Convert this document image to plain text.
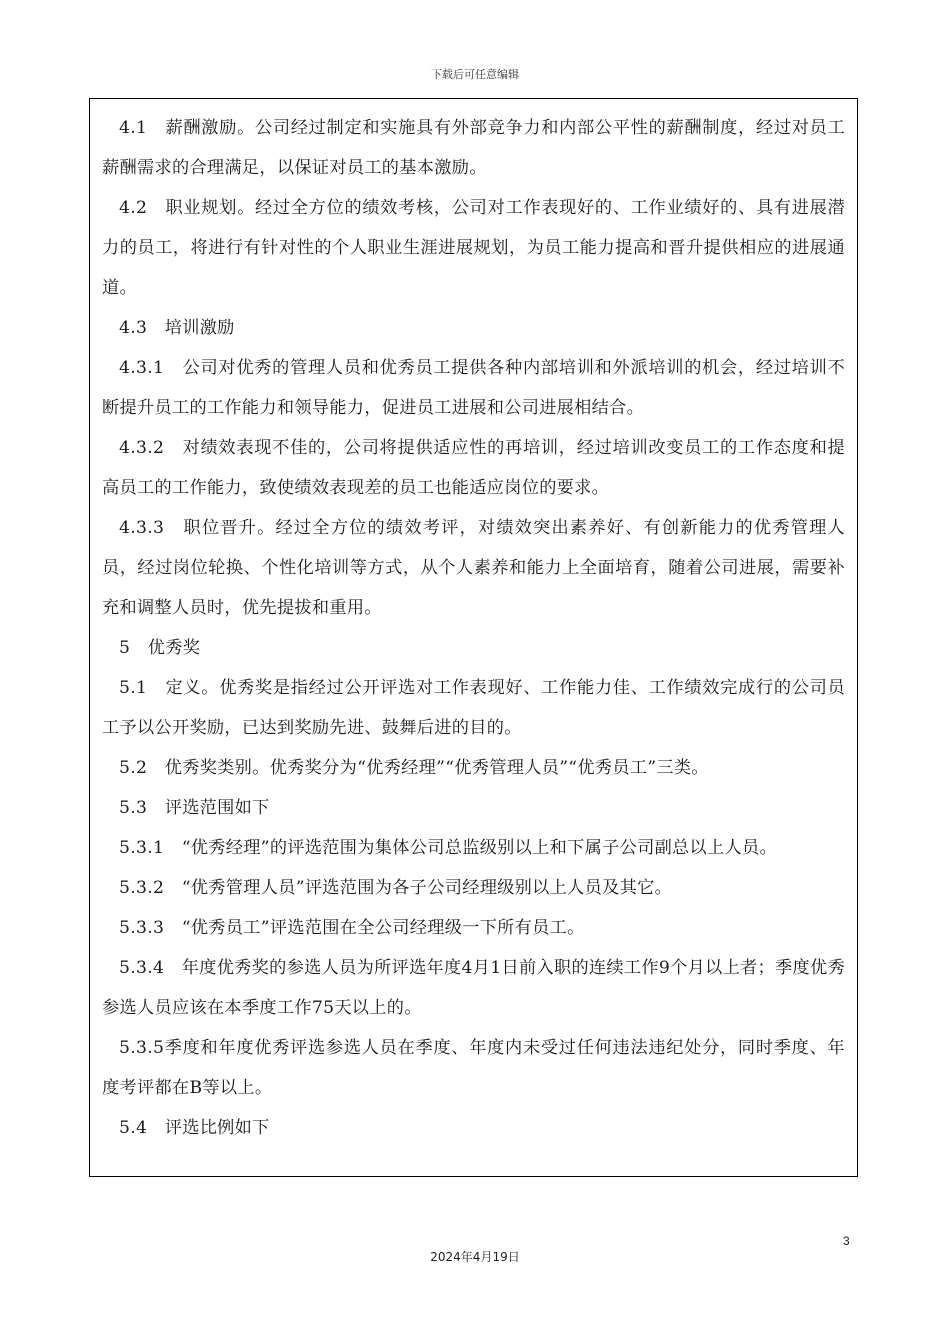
下载后可任意编辑

4.1　薪酬激励。公司经过制定和实施具有外部竞争力和内部公平性的薪酬制度，经过对员工薪酬需求的合理满足，以保证对员工的基本激励。

4.2　职业规划。经过全方位的绩效考核，公司对工作表现好的、工作业绩好的、具有进展潜力的员工，将进行有针对性的个人职业生涯进展规划，为员工能力提高和晋升提供相应的进展通道。

4.3　培训激励

4.3.1　公司对优秀的管理人员和优秀员工提供各种内部培训和外派培训的机会，经过培训不断提升员工的工作能力和领导能力，促进员工进展和公司进展相结合。

4.3.2　对绩效表现不佳的，公司将提供适应性的再培训，经过培训改变员工的工作态度和提高员工的工作能力，致使绩效表现差的员工也能适应岗位的要求。

4.3.3　职位晋升。经过全方位的绩效考评，对绩效突出素养好、有创新能力的优秀管理人员，经过岗位轮换、个性化培训等方式，从个人素养和能力上全面培育，随着公司进展，需要补充和调整人员时，优先提拔和重用。

5　优秀奖

5.1　定义。优秀奖是指经过公开评选对工作表现好、工作能力佳、工作绩效完成行的公司员工予以公开奖励，已达到奖励先进、鼓舞后进的目的。

5.2　优秀奖类别。优秀奖分为“优秀经理”“优秀管理人员”“优秀员工”三类。

5.3　评选范围如下

5.3.1　“优秀经理”的评选范围为集体公司总监级别以上和下属子公司副总以上人员。

5.3.2　“优秀管理人员”评选范围为各子公司经理级别以上人员及其它。

5.3.3　“优秀员工”评选范围在全公司经理级一下所有员工。

5.3.4　年度优秀奖的参选人员为所评选年度4月1日前入职的连续工作9个月以上者；季度优秀参选人员应该在本季度工作75天以上的。

5.3.5季度和年度优秀评选参选人员在季度、年度内未受过任何违法违纪处分，同时季度、年度考评都在B等以上。

5.4　评选比例如下

3
2024年4月19日
